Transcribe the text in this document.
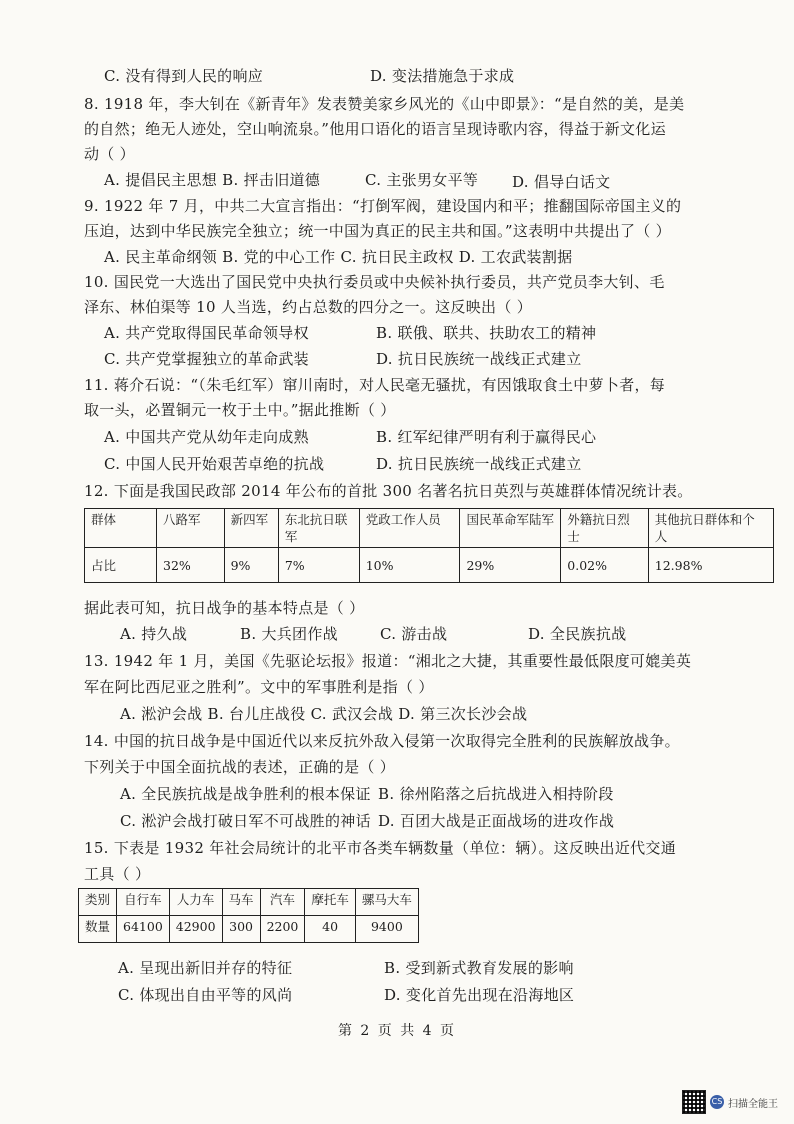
C. 没有得到人民的响应	D. 变法措施急于求成
8. 1918 年，李大钊在《新青年》发表赞美家乡风光的《山中即景》：“是自然的美，是美
的自然；绝无人迹处，空山响流泉。”他用口语化的语言呈现诗歌内容，得益于新文化运
动（ ）
A. 提倡民主思想 B. 抨击旧道德	C. 主张男女平等 D. 倡导白话文
9. 1922 年 7 月，中共二大宣言指出：“打倒军阀，建设国内和平；推翻国际帝国主义的
压迫，达到中华民族完全独立；统一中国为真正的民主共和国。”这表明中共提出了（ ）
A. 民主革命纲领 B. 党的中心工作 C. 抗日民主政权 D. 工农武装割据
10. 国民党一大选出了国民党中央执行委员或中央候补执行委员，共产党员李大钊、毛
泽东、林伯渠等 10 人当选，约占总数的四分之一。这反映出（ ）
A. 共产党取得国民革命领导权	B. 联俄、联共、扶助农工的精神
C. 共产党掌握独立的革命武装	D. 抗日民族统一战线正式建立
11. 蒋介石说：“（朱毛红军）窜川南时，对人民毫无骚扰，有因饿取食土中萝卜者，每
取一头，必置铜元一枚于土中。”据此推断（ ）
A. 中国共产党从幼年走向成熟	B. 红军纪律严明有利于赢得民心
C. 中国人民开始艰苦卓绝的抗战	D. 抗日民族统一战线正式建立
12. 下面是我国民政部 2014 年公布的首批 300 名著名抗日英烈与英雄群体情况统计表。
据此表可知，抗日战争的基本特点是（ ）
A. 持久战	B. 大兵团作战	C. 游击战	D. 全民族抗战
13. 1942 年 1 月，美国《先驱论坛报》报道：“湘北之大捷，其重要性最低限度可媲美英
军在阿比西尼亚之胜利”。文中的军事胜利是指（ ）
A. 淞沪会战 B. 台儿庄战役 C. 武汉会战 D. 第三次长沙会战
14. 中国的抗日战争是中国近代以来反抗外敌入侵第一次取得完全胜利的民族解放战争。
下列关于中国全面抗战的表述，正确的是（ ）
A. 全民族抗战是战争胜利的根本保证 B. 徐州陷落之后抗战进入相持阶段
C. 淞沪会战打破日军不可战胜的神话 D. 百团大战是正面战场的进攻作战
15. 下表是 1932 年社会局统计的北平市各类车辆数量（单位：辆）。这反映出近代交通
工具（ ）
A. 呈现出新旧并存的特征	B. 受到新式教育发展的影响
C. 体现出自由平等的风尚	D. 变化首先出现在沿海地区
群体	八路军	新四军	东北抗日联军	党政工作人员	国民革命军陆军	外籍抗日烈士	其他抗日群体和个人
占比	32%	9%	7%	10%	29%	0.02%	12.98%
类别	自行车	人力车	马车	汽车	摩托车	骡马大车
数量	64100	42900	300	2200	40	9400
第 2 页 共 4 页
CS 扫描全能王
